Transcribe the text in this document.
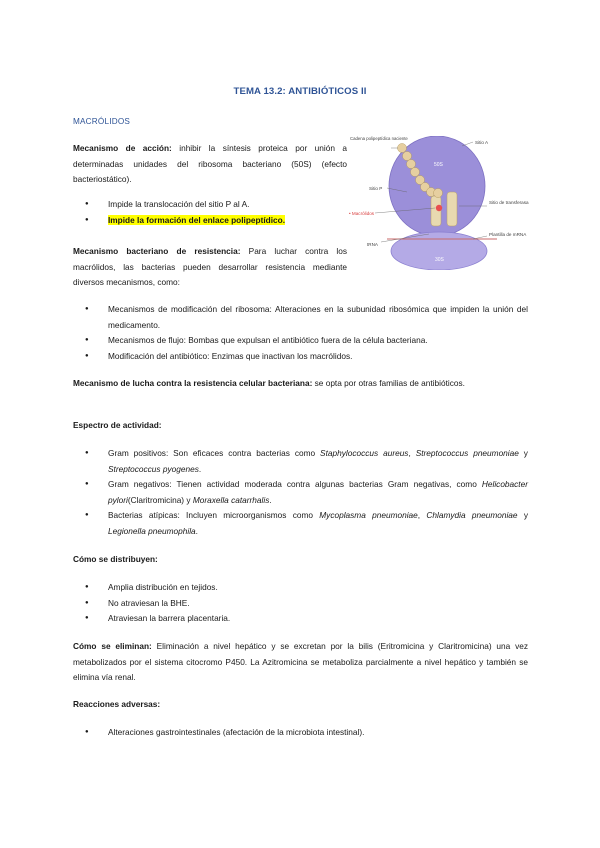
TEMA 13.2: ANTIBIÓTICOS II
MACRÓLIDOS

Mecanismo de acción: inhibir la síntesis proteica por unión a determinadas unidades del ribosoma bacteriano (50S) (efecto bacteriostático).

● Impide la translocación del sitio P al A.
● Impide la formación del enlace polipeptídico.
Sitio A
Cadena polipeptídica naciente
50S
Sitio P
• Macrólidos
Sitio de transferasa
tRNA
Plantilla de mRNA
30S

Mecanismo bacteriano de resistencia: Para luchar contra los macrólidos, las bacterias pueden desarrollar resistencia mediante diversos mecanismos, como:

● Mecanismos de modificación del ribosoma: Alteraciones en la subunidad ribosómica que impiden la unión del medicamento.
● Mecanismos de flujo: Bombas que expulsan el antibiótico fuera de la célula bacteriana.
● Modificación del antibiótico: Enzimas que inactivan los macrólidos.

Mecanismo de lucha contra la resistencia celular bacteriana: se opta por otras familias de antibióticos.

Espectro de actividad:

● Gram positivos: Son eficaces contra bacterias como Staphylococcus aureus, Streptococcus pneumoniae y Streptococcus pyogenes.
● Gram negativos: Tienen actividad moderada contra algunas bacterias Gram negativas, como Helicobacter pylori(Claritromicina) y Moraxella catarrhalis.
● Bacterias atípicas: Incluyen microorganismos como Mycoplasma pneumoniae, Chlamydia pneumoniae y Legionella pneumophila.

Cómo se distribuyen:

● Amplia distribución en tejidos.
● No atraviesan la BHE.
● Atraviesan la barrera placentaria.

Cómo se eliminan: Eliminación a nivel hepático y se excretan por la bilis (Eritromicina y Claritromicina) una vez metabolizados por el sistema citocromo P450. La Azitromicina se metaboliza parcialmente a nivel hepático y también se elimina vía renal.

Reacciones adversas:

● Alteraciones gastrointestinales (afectación de la microbiota intestinal).
